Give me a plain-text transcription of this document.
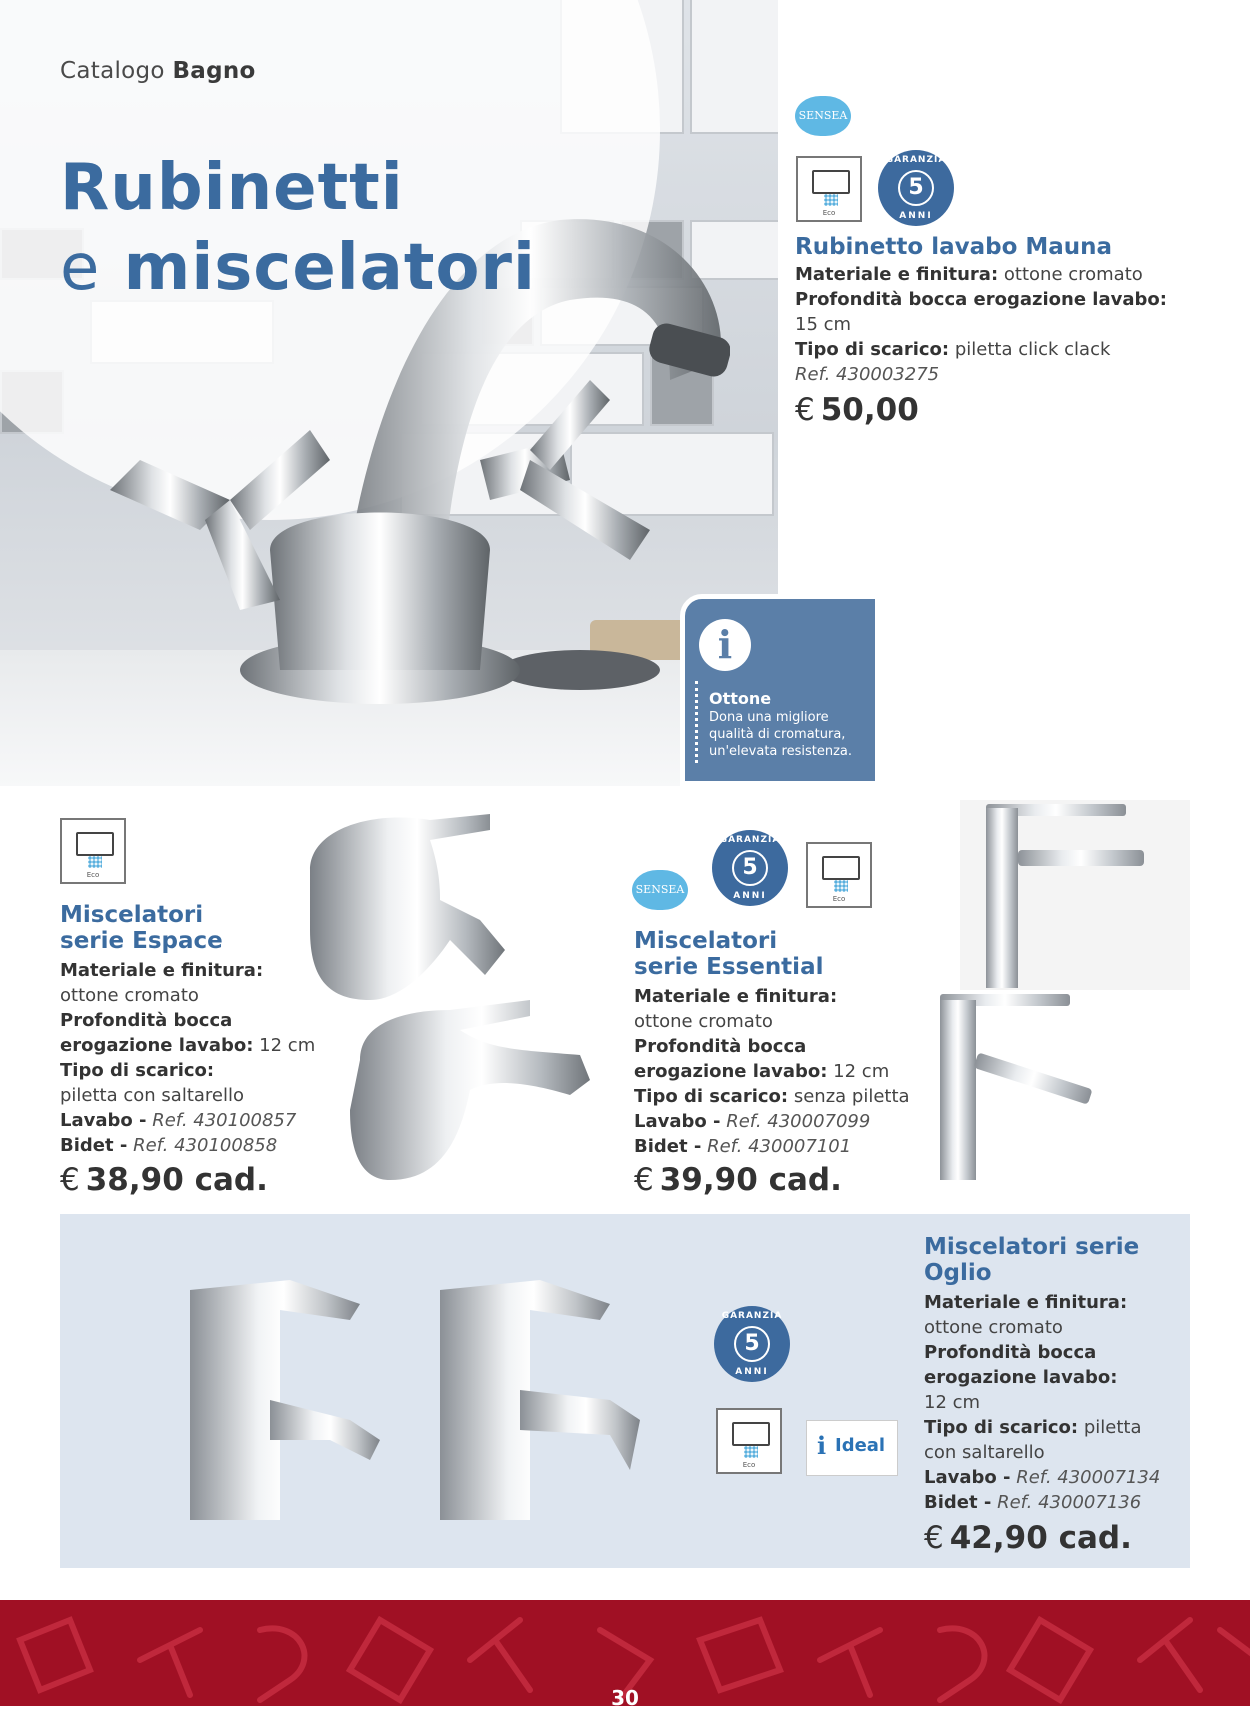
Catalogo Bagno
Rubinetti
e miscelatori
i
Ottone
Dona una migliore qualità di cromatura, un'elevata resistenza.
SENSEA
Eco
GARANZIA
5
ANNI
Rubinetto lavabo Mauna
Materiale e finitura: ottone cromato
Profondità bocca erogazione lavabo:
15 cm
Tipo di scarico: piletta click clack
Ref. 430003275
€ 50,00
Eco
Miscelatori
serie Espace
Materiale e finitura:
ottone cromato
Profondità bocca
erogazione lavabo: 12 cm
Tipo di scarico:
piletta con saltarello
Lavabo - Ref. 430100857
Bidet - Ref. 430100858
€ 38,90 cad.
SENSEA
GARANZIA
5
ANNI	Eco
Miscelatori
serie Essential
Materiale e finitura:
ottone cromato
Profondità bocca
erogazione lavabo: 12 cm
Tipo di scarico: senza piletta
Lavabo - Ref. 430007099
Bidet - Ref. 430007101
€ 39,90 cad.
GARANZIA
5
ANNI
Eco
i Ideal
Miscelatori serie
Oglio
Materiale e finitura:
ottone cromato
Profondità bocca
erogazione lavabo:
12 cm
Tipo di scarico: piletta
con saltarello
Lavabo - Ref. 430007134
Bidet - Ref. 430007136
€ 42,90 cad.
30
